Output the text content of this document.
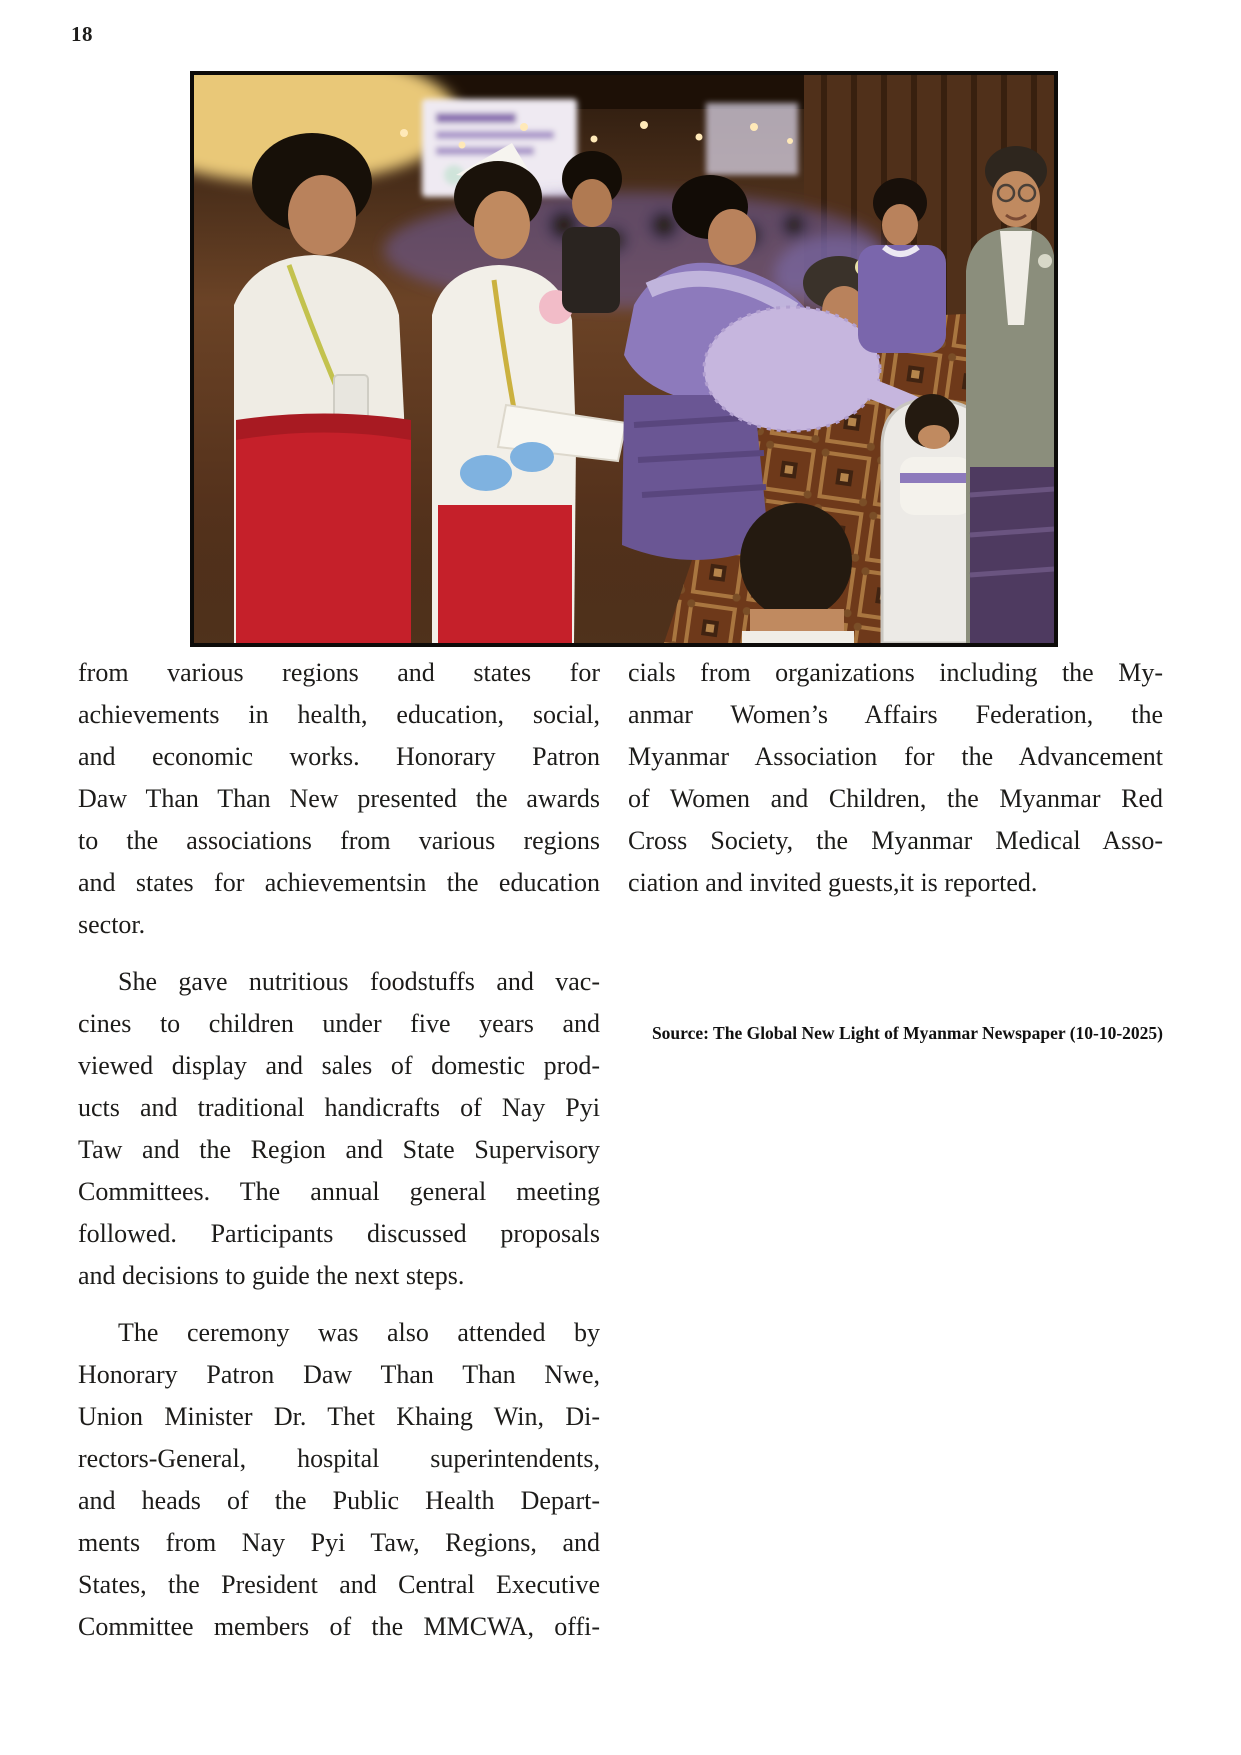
18

from various regions and states for
achievements in health, education, social,
and economic works. Honorary Patron
Daw Than Than New presented the awards
to the associations from various regions
and states for achievementsin the education
sector.

She gave nutritious foodstuffs and vac-
cines to children under five years and
viewed display and sales of domestic prod-
ucts and traditional handicrafts of Nay Pyi
Taw and the Region and State Supervisory
Committees. The annual general meeting
followed. Participants discussed proposals
and decisions to guide the next steps.

The ceremony was also attended by
Honorary Patron Daw Than Than Nwe,
Union Minister Dr. Thet Khaing Win, Di-
rectors-General, hospital superintendents,
and heads of the Public Health Depart-
ments from Nay Pyi Taw, Regions, and
States, the President and Central Executive
Committee members of the MMCWA, offi-

cials from organizations including the My-
anmar Women’s Affairs Federation, the
Myanmar Association for the Advancement
of Women and Children, the Myanmar Red
Cross Society, the Myanmar Medical Asso-
ciation and invited guests,it is reported.

Source: The Global New Light of Myanmar Newspaper (10-10-2025)
